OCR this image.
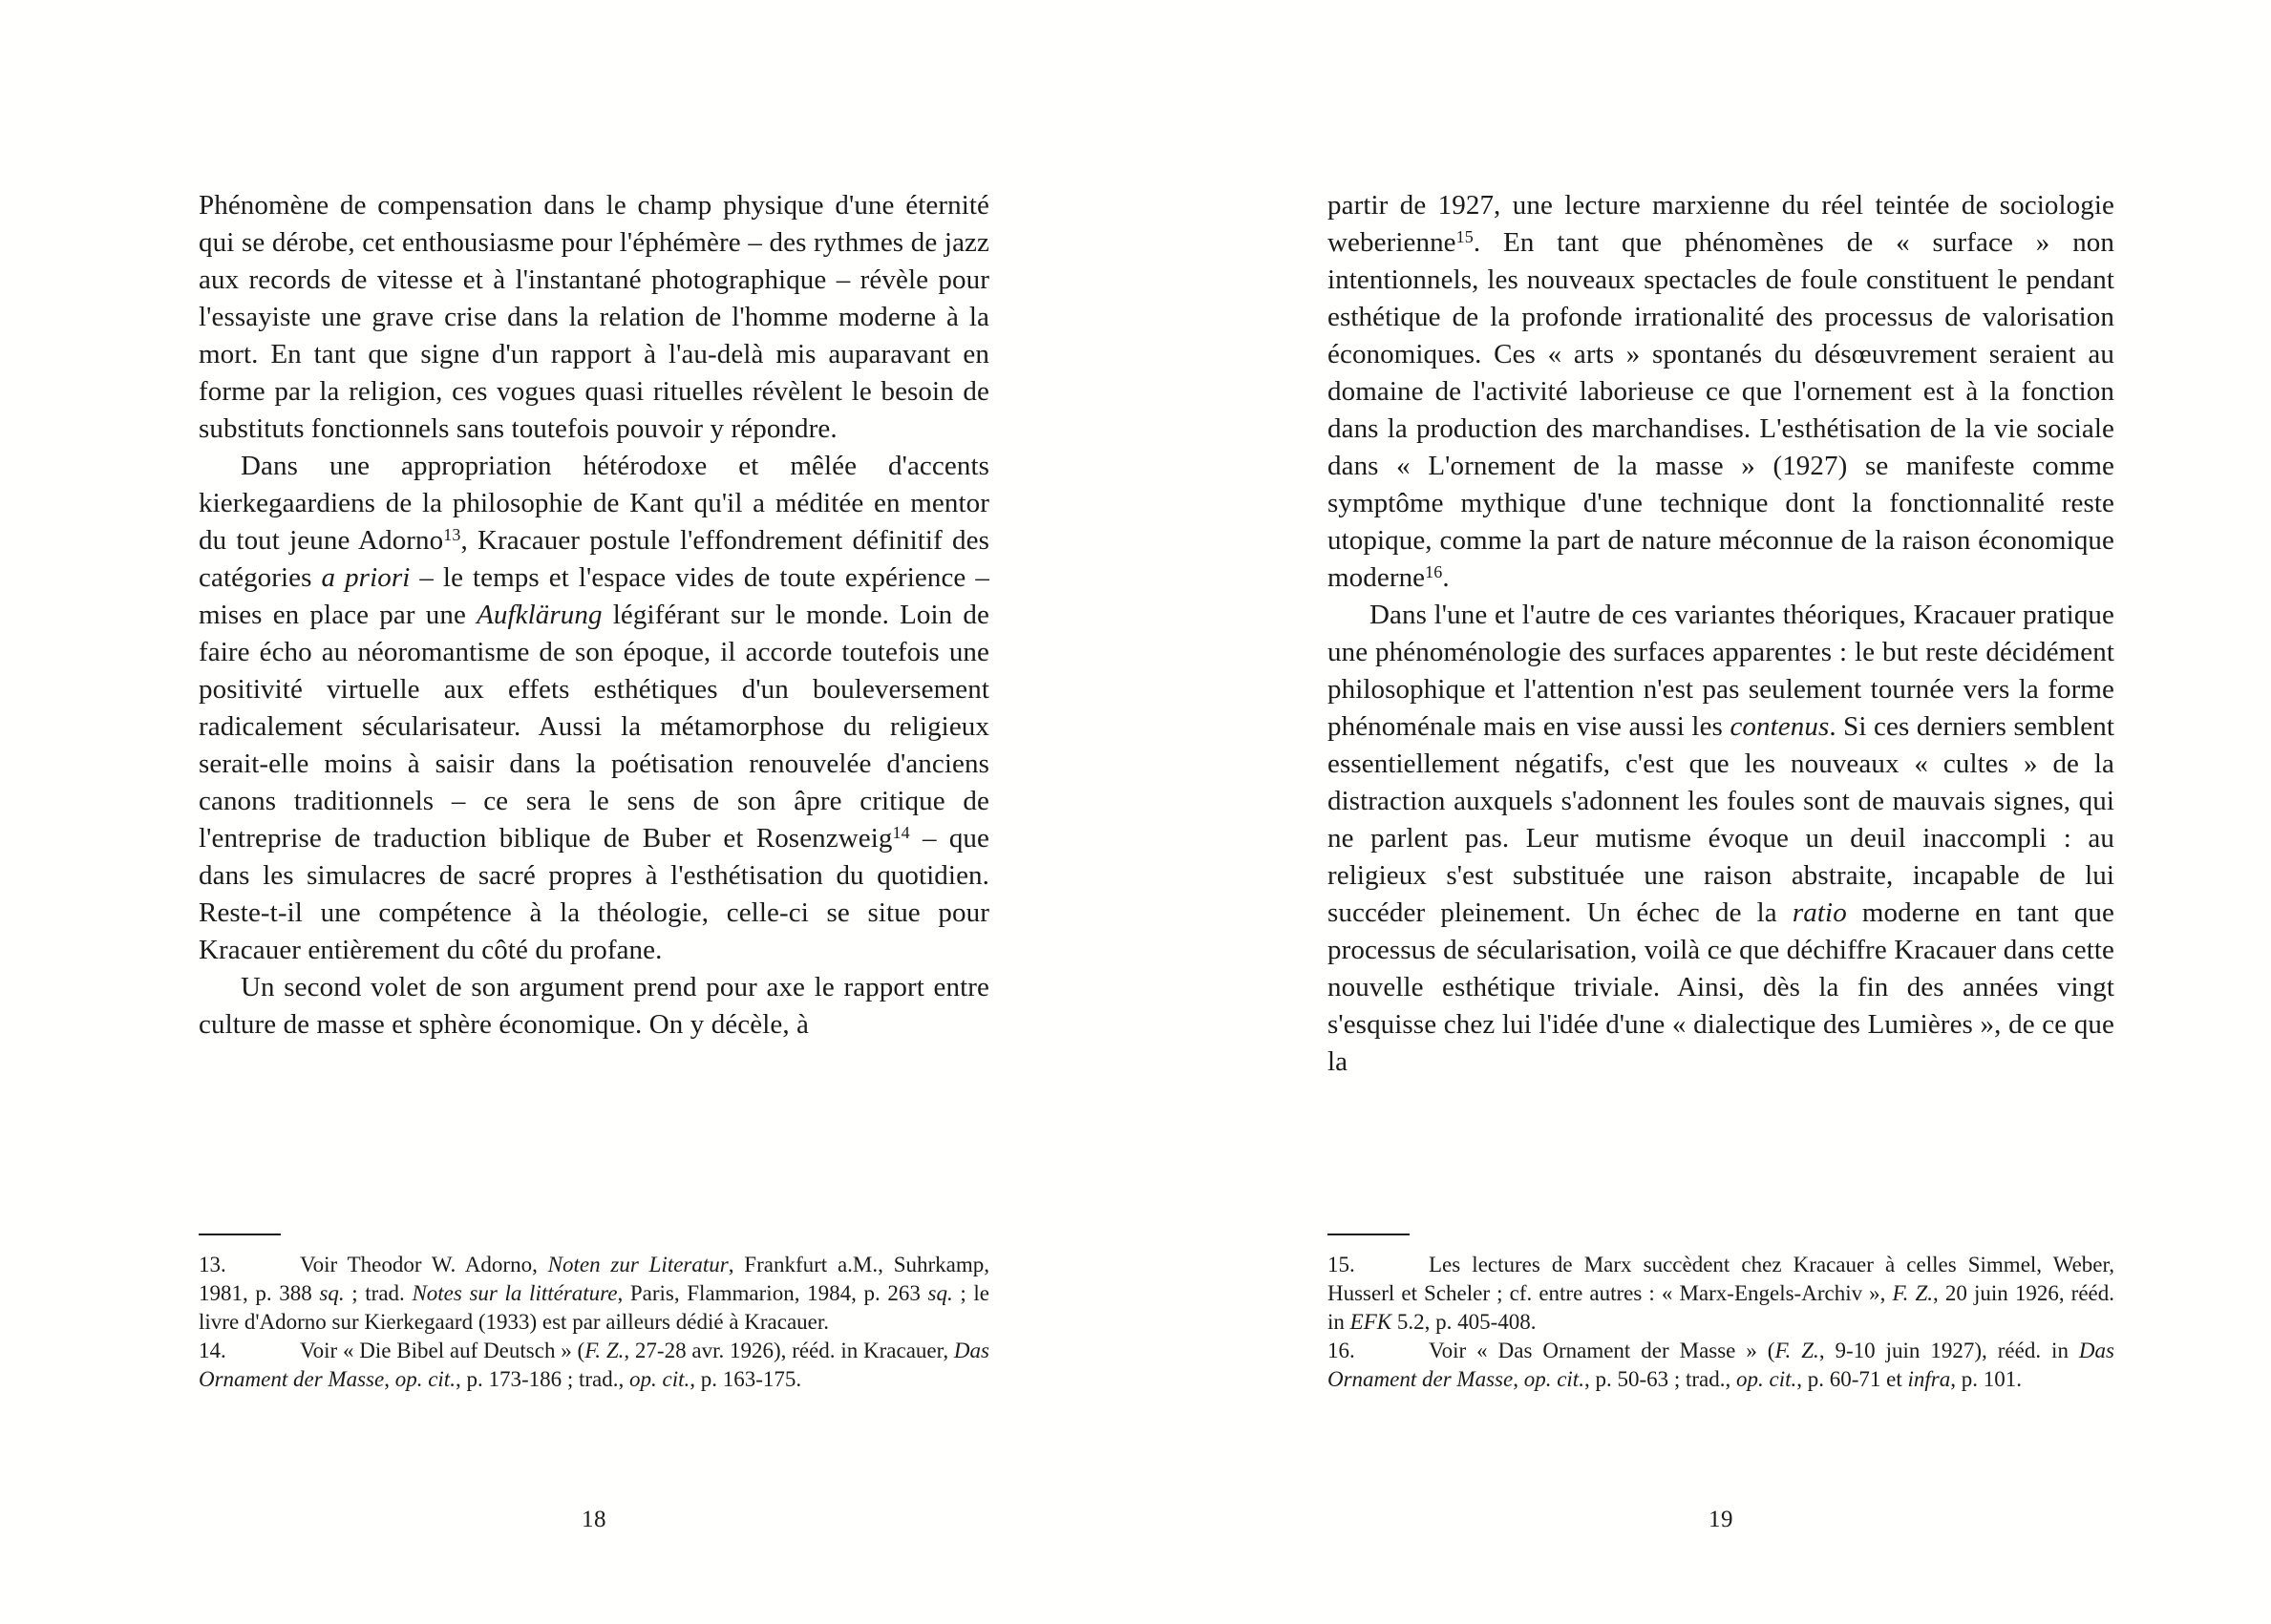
Phénomène de compensation dans le champ physique d'une éternité qui se dérobe, cet enthousiasme pour l'éphémère – des rythmes de jazz aux records de vitesse et à l'instantané photographique – révèle pour l'essayiste une grave crise dans la relation de l'homme moderne à la mort. En tant que signe d'un rapport à l'au-delà mis auparavant en forme par la religion, ces vogues quasi rituelles révèlent le besoin de substituts fonctionnels sans toutefois pouvoir y répondre.

Dans une appropriation hétérodoxe et mêlée d'accents kierkegaardiens de la philosophie de Kant qu'il a méditée en mentor du tout jeune Adorno$^{13}$, Kracauer postule l'effondrement définitif des catégories a priori – le temps et l'espace vides de toute expérience – mises en place par une Aufklärung légiférant sur le monde. Loin de faire écho au néoromantisme de son époque, il accorde toutefois une positivité virtuelle aux effets esthétiques d'un bouleversement radicalement sécularisateur. Aussi la métamorphose du religieux serait-elle moins à saisir dans la poétisation renouvelée d'anciens canons traditionnels – ce sera le sens de son âpre critique de l'entreprise de traduction biblique de Buber et Rosenzweig$^{14}$ – que dans les simulacres de sacré propres à l'esthétisation du quotidien. Reste-t-il une compétence à la théologie, celle-ci se situe pour Kracauer entièrement du côté du profane.

Un second volet de son argument prend pour axe le rapport entre culture de masse et sphère économique. On y décèle, à

13.	Voir Theodor W. Adorno, Noten zur Literatur, Frankfurt a.M., Suhrkamp, 1981, p. 388 sq. ; trad. Notes sur la littérature, Paris, Flammarion, 1984, p. 263 sq. ; le livre d'Adorno sur Kierkegaard (1933) est par ailleurs dédié à Kracauer.

14.	Voir « Die Bibel auf Deutsch » (F. Z., 27-28 avr. 1926), rééd. in Kracauer, Das Ornament der Masse, op. cit., p. 173-186 ; trad., op. cit., p. 163-175.

18

partir de 1927, une lecture marxienne du réel teintée de sociologie weberienne$^{15}$. En tant que phénomènes de « surface » non intentionnels, les nouveaux spectacles de foule constituent le pendant esthétique de la profonde irrationalité des processus de valorisation économiques. Ces « arts » spontanés du désœuvrement seraient au domaine de l'activité laborieuse ce que l'ornement est à la fonction dans la production des marchandises. L'esthétisation de la vie sociale dans « L'ornement de la masse » (1927) se manifeste comme symptôme mythique d'une technique dont la fonctionnalité reste utopique, comme la part de nature méconnue de la raison économique moderne$^{16}$.

Dans l'une et l'autre de ces variantes théoriques, Kracauer pratique une phénoménologie des surfaces apparentes : le but reste décidément philosophique et l'attention n'est pas seulement tournée vers la forme phénoménale mais en vise aussi les contenus. Si ces derniers semblent essentiellement négatifs, c'est que les nouveaux « cultes » de la distraction auxquels s'adonnent les foules sont de mauvais signes, qui ne parlent pas. Leur mutisme évoque un deuil inaccompli : au religieux s'est substituée une raison abstraite, incapable de lui succéder pleinement. Un échec de la ratio moderne en tant que processus de sécularisation, voilà ce que déchiffre Kracauer dans cette nouvelle esthétique triviale. Ainsi, dès la fin des années vingt s'esquisse chez lui l'idée d'une « dialectique des Lumières », de ce que la

15.	Les lectures de Marx succèdent chez Kracauer à celles Simmel, Weber, Husserl et Scheler ; cf. entre autres : « Marx-Engels-Archiv », F. Z., 20 juin 1926, rééd. in EFK 5.2, p. 405-408.

16.	Voir « Das Ornament der Masse » (F. Z., 9-10 juin 1927), rééd. in Das Ornament der Masse, op. cit., p. 50-63 ; trad., op. cit., p. 60-71 et infra, p. 101.

19
